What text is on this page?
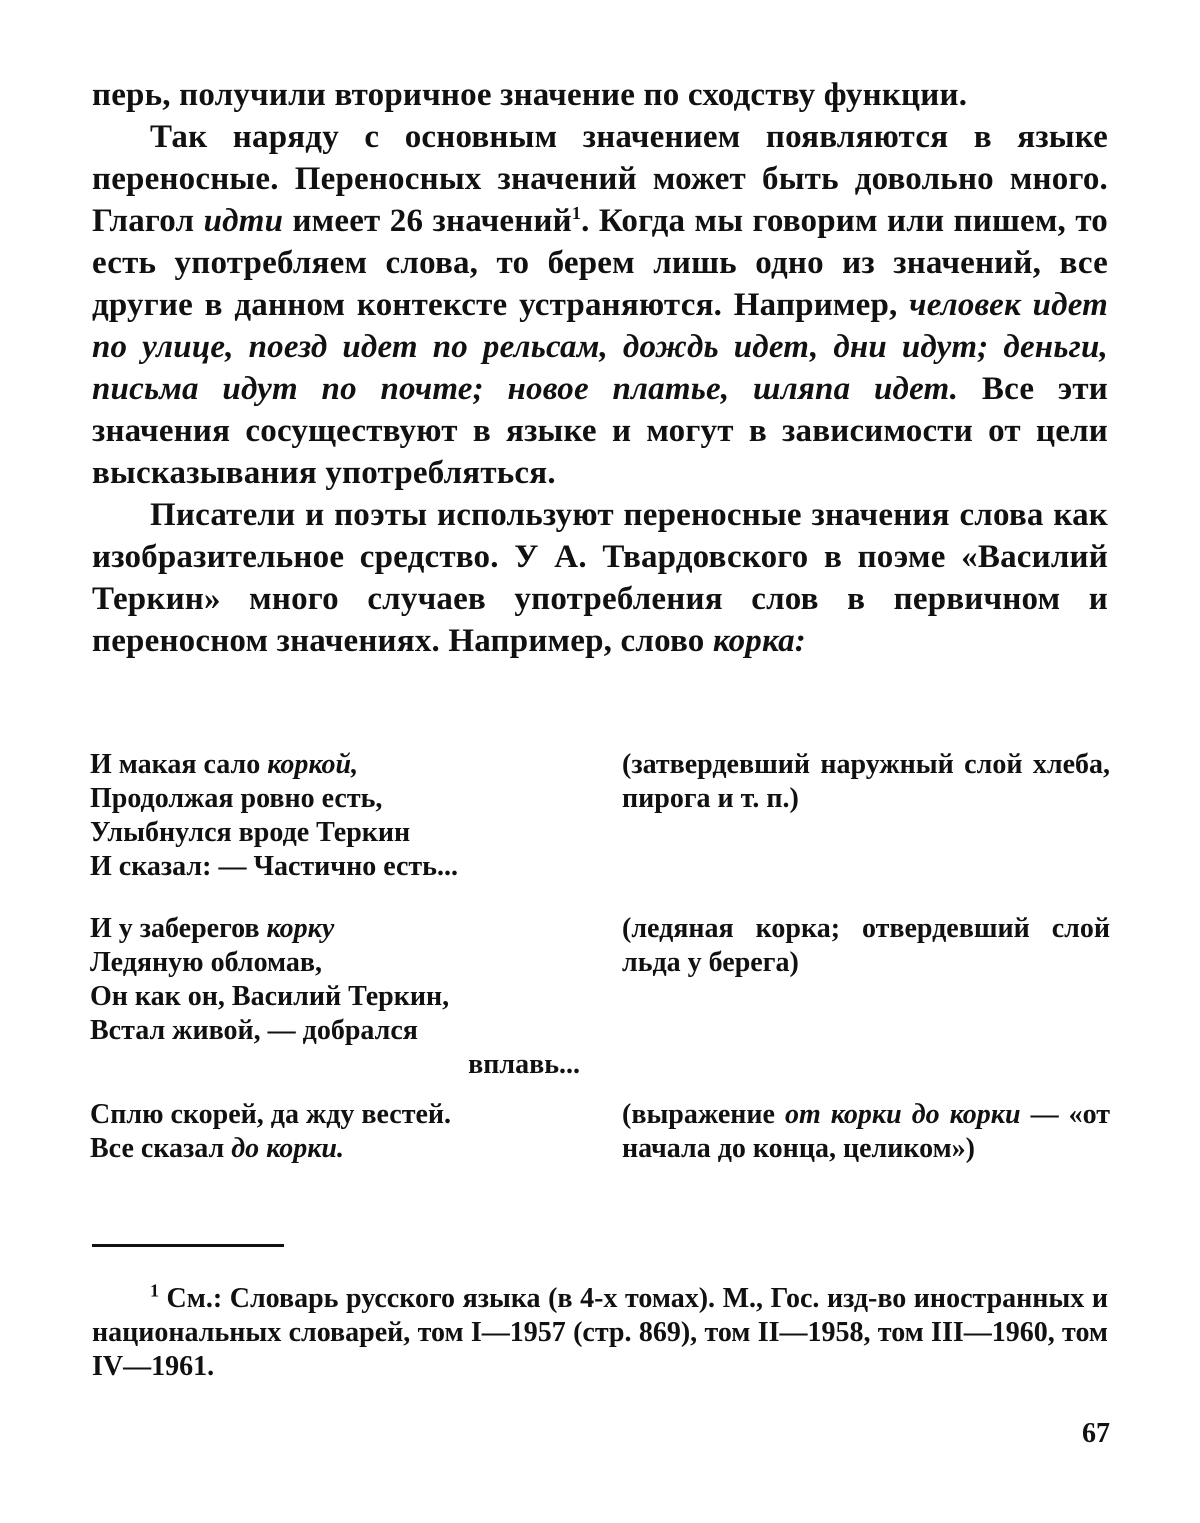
перь, получили вторичное значение по сходству функции.

Так наряду с основным значением появляются в языке переносные. Переносных значений может быть довольно много. Глагол идти имеет 26 значений$^1$. Когда мы говорим или пишем, то есть употребляем слова, то берем лишь одно из значений, все другие в данном контексте устраняются. Например, человек идет по улице, поезд идет по рельсам, дождь идет, дни идут; деньги, письма идут по почте; новое платье, шляпа идет. Все эти значения сосуществуют в языке и могут в зависимости от цели высказывания употребляться.

Писатели и поэты используют переносные значения слова как изобразительное средство. У А. Твардовского в поэме «Василий Теркин» много случаев употребления слов в первичном и переносном значениях. Например, слово корка:

И макая сало коркой,
Продолжая ровно есть,
Улыбнулся вроде Теркин
И сказал: — Частично есть...
(затвердевший наружный слой хлеба, пирога и т. п.)
И у заберегов корку
Ледяную обломав,
Он как он, Василий Теркин,
Встал живой, — добрался
вплавь...
(ледяная корка; отвердевший слой льда у берега)
Сплю скорей, да жду вестей.
Все сказал до корки.
(выражение от корки до корки — «от начала до конца, целиком»)
$^1$ См.: Словарь русского языка (в 4-х томах). М., Гос. изд-во иностранных и национальных словарей, том I—1957 (стр. 869), том II—1958, том III—1960, том IV—1961.
67
